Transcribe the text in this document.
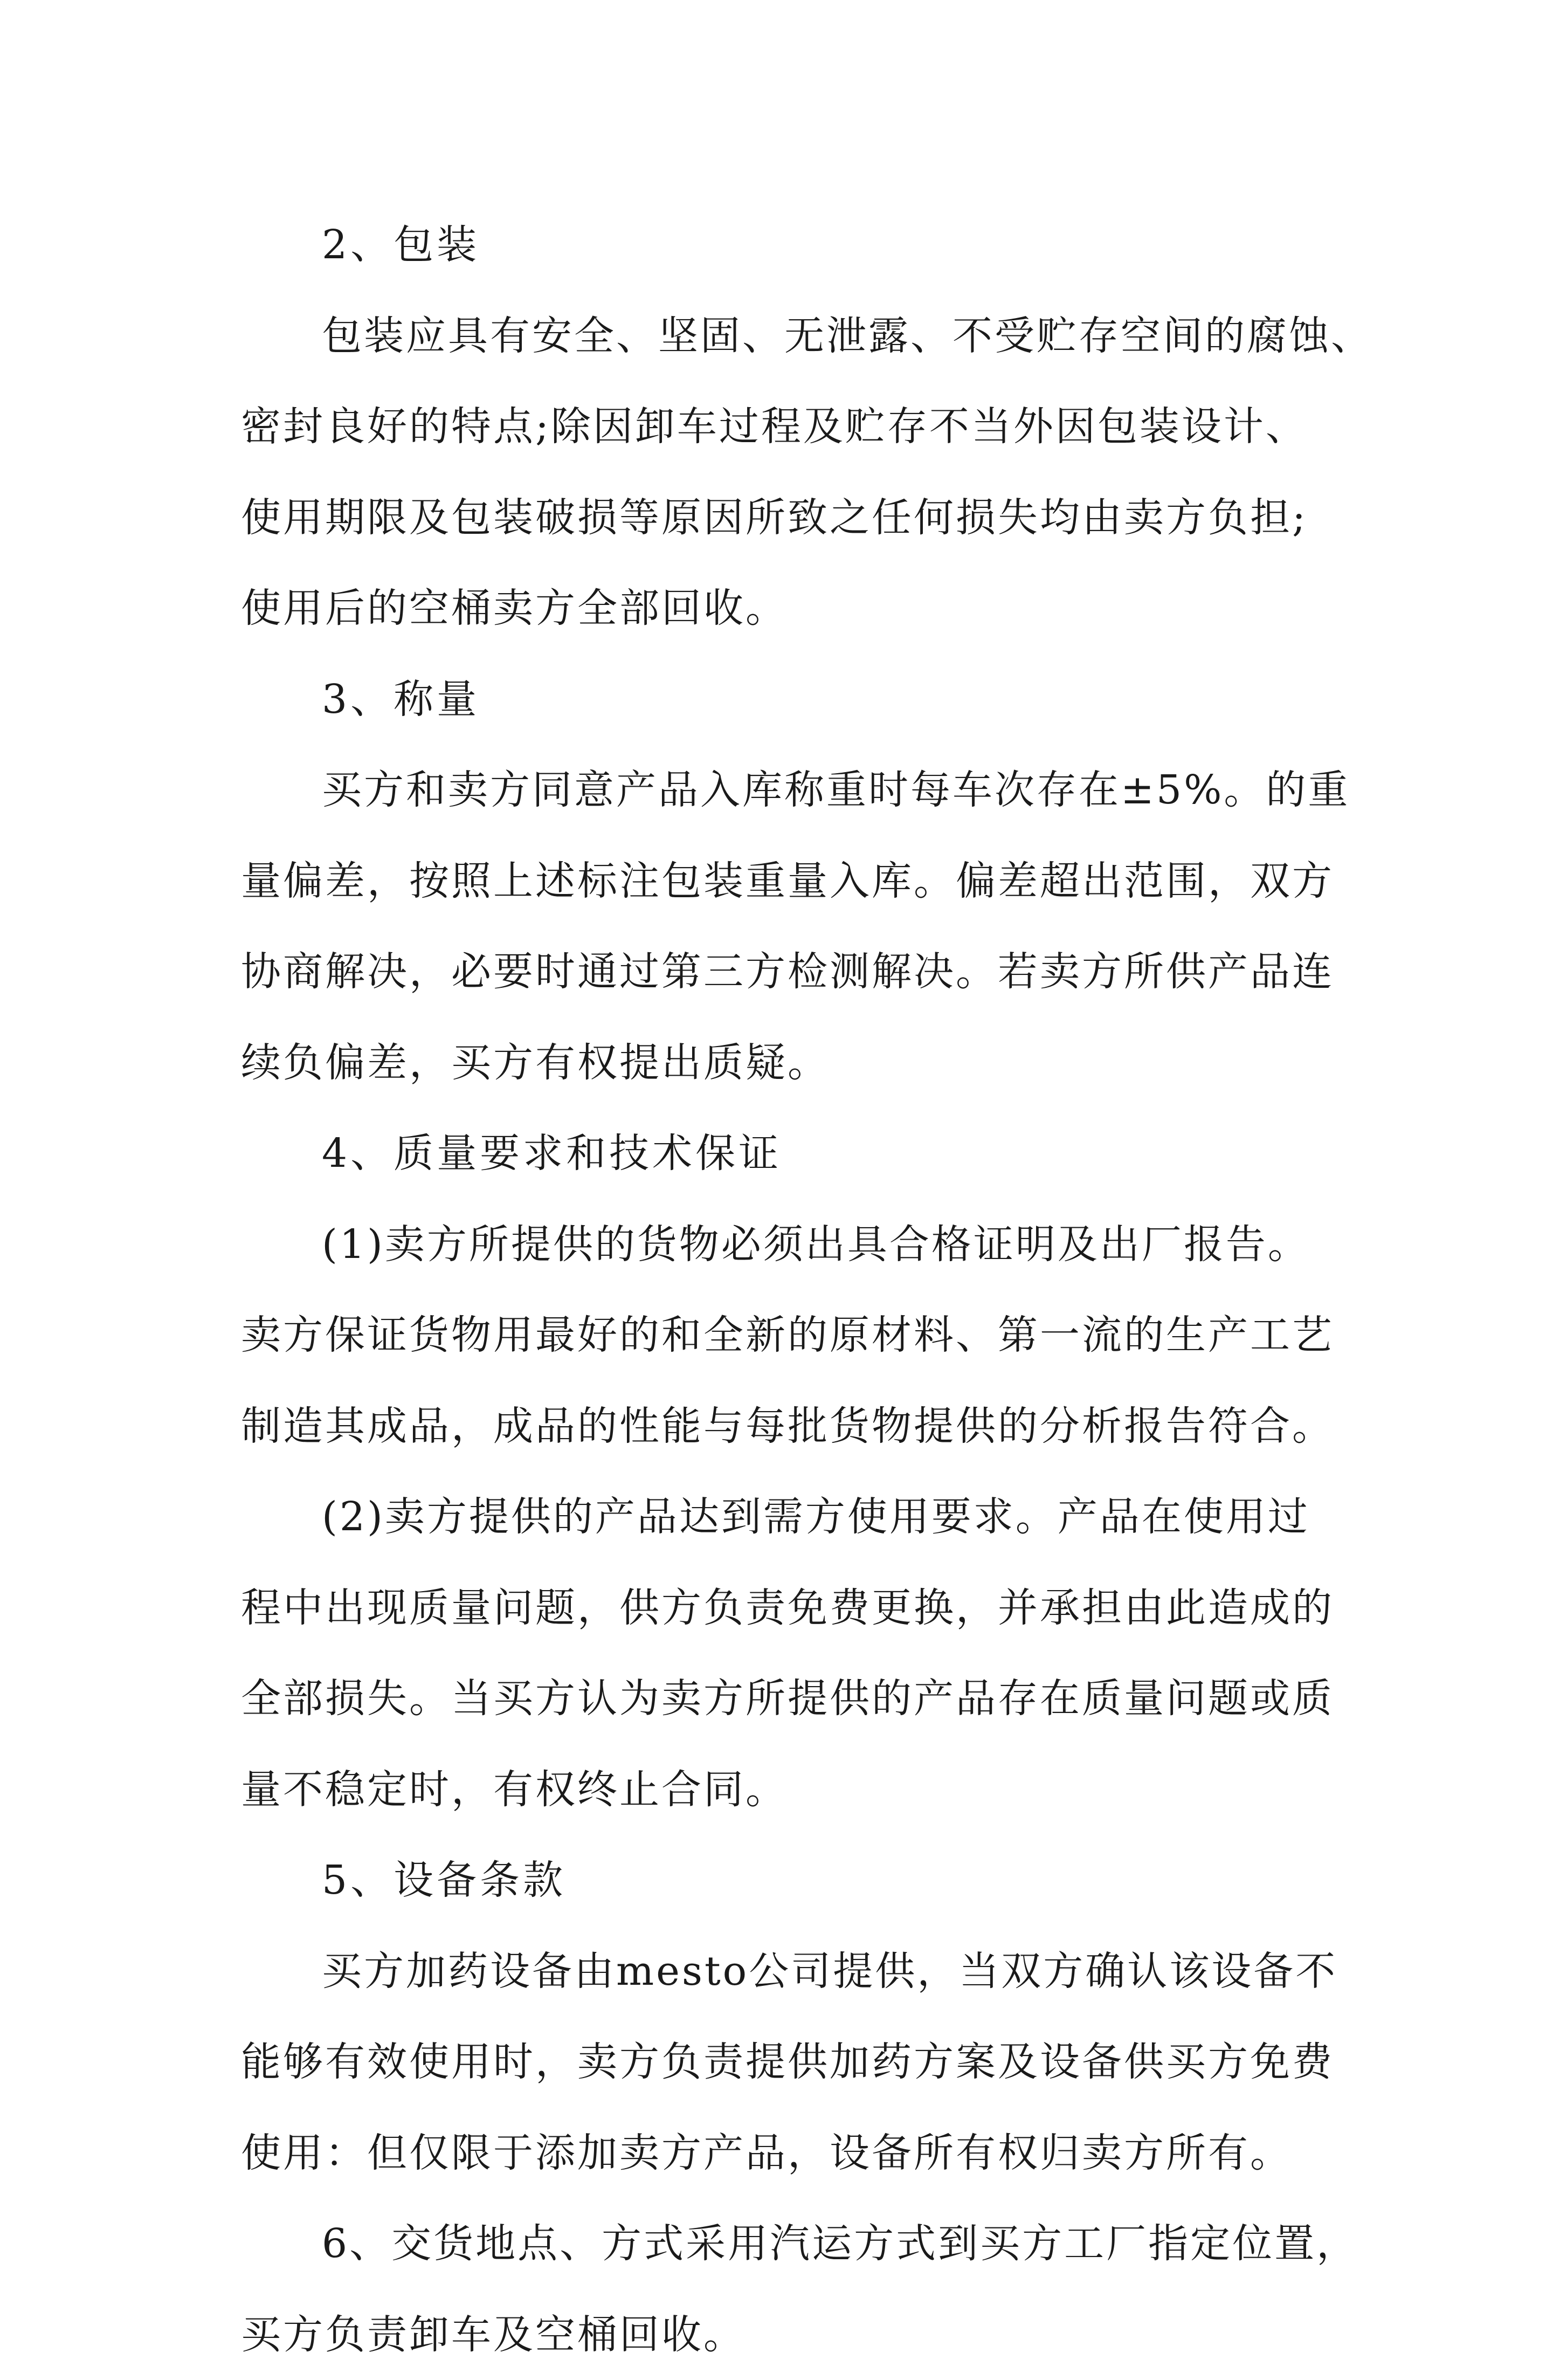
2、包装
包装应具有安全、坚固、无泄露、不受贮存空间的腐蚀、
密封良好的特点;除因卸车过程及贮存不当外因包装设计、
使用期限及包装破损等原因所致之任何损失均由卖方负担;
使用后的空桶卖方全部回收。
3、称量
买方和卖方同意产品入库称重时每车次存在±5%。的重
量偏差，按照上述标注包装重量入库。偏差超出范围，双方
协商解决，必要时通过第三方检测解决。若卖方所供产品连
续负偏差，买方有权提出质疑。
4、质量要求和技术保证
(1)卖方所提供的货物必须出具合格证明及出厂报告。
卖方保证货物用最好的和全新的原材料、第一流的生产工艺
制造其成品，成品的性能与每批货物提供的分析报告符合。
(2)卖方提供的产品达到需方使用要求。产品在使用过
程中出现质量问题，供方负责免费更换，并承担由此造成的
全部损失。当买方认为卖方所提供的产品存在质量问题或质
量不稳定时，有权终止合同。
5、设备条款
买方加药设备由mesto公司提供，当双方确认该设备不
能够有效使用时，卖方负责提供加药方案及设备供买方免费
使用：但仅限于添加卖方产品，设备所有权归卖方所有。
6、交货地点、方式采用汽运方式到买方工厂指定位置，
买方负责卸车及空桶回收。
